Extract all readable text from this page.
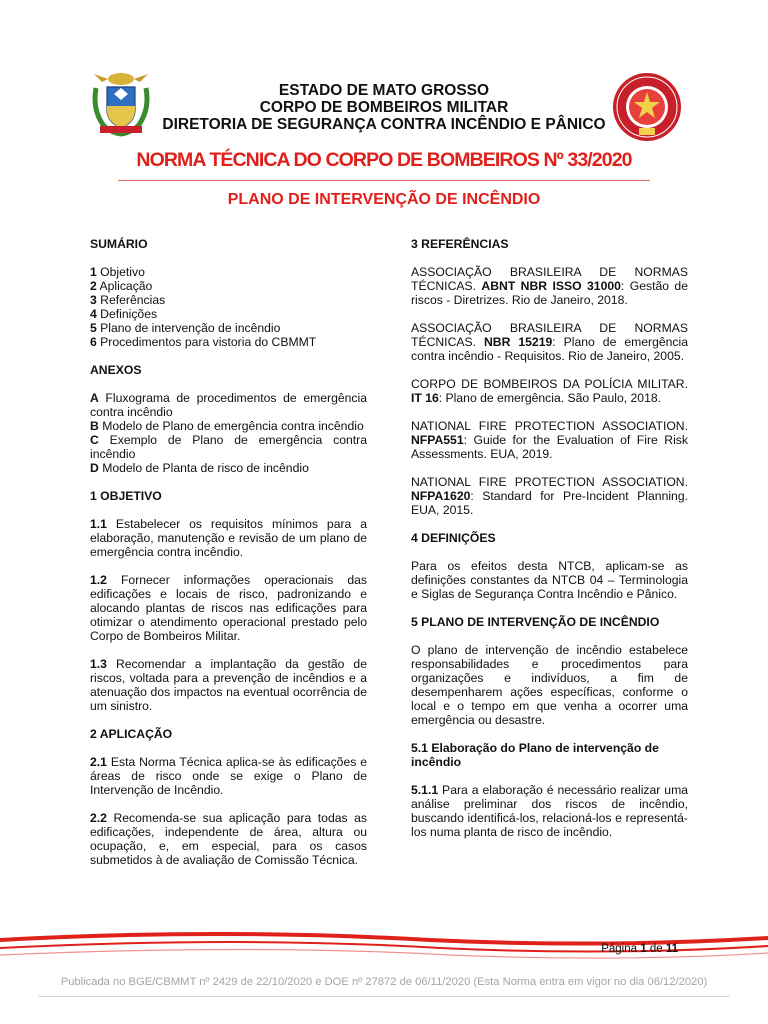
ESTADO DE MATO GROSSO
CORPO DE BOMBEIROS MILITAR
DIRETORIA DE SEGURANÇA CONTRA INCÊNDIO E PÂNICO
NORMA TÉCNICA DO CORPO DE BOMBEIROS Nº 33/2020
PLANO DE INTERVENÇÃO DE INCÊNDIO

SUMÁRIO

1 Objetivo

2 Aplicação

3 Referências

4 Definições

5 Plano de intervenção de incêndio

6 Procedimentos para vistoria do CBMMT

ANEXOS

A Fluxograma de procedimentos de emergência contra incêndio

B Modelo de Plano de emergência contra incêndio

C Exemplo de Plano de emergência contra incêndio

D Modelo de Planta de risco de incêndio

1 OBJETIVO

1.1 Estabelecer os requisitos mínimos para a elaboração, manutenção e revisão de um plano de emergência contra incêndio.

1.2 Fornecer informações operacionais das edificações e locais de risco, padronizando e alocando plantas de riscos nas edificações para otimizar o atendimento operacional prestado pelo Corpo de Bombeiros Militar.

1.3 Recomendar a implantação da gestão de riscos, voltada para a prevenção de incêndios e a atenuação dos impactos na eventual ocorrência de um sinistro.

2 APLICAÇÃO

2.1 Esta Norma Técnica aplica-se às edificações e áreas de risco onde se exige o Plano de Intervenção de Incêndio.

2.2 Recomenda-se sua aplicação para todas as edificações, independente de área, altura ou ocupação, e, em especial, para os casos submetidos à de avaliação de Comissão Técnica.

3 REFERÊNCIAS

ASSOCIAÇÃO BRASILEIRA DE NORMAS TÉCNICAS. ABNT NBR ISSO 31000: Gestão de riscos - Diretrizes. Rio de Janeiro, 2018.

ASSOCIAÇÃO BRASILEIRA DE NORMAS TÉCNICAS. NBR 15219: Plano de emergência contra incêndio - Requisitos. Rio de Janeiro, 2005.

CORPO DE BOMBEIROS DA POLÍCIA MILITAR. IT 16: Plano de emergência. São Paulo, 2018.

NATIONAL FIRE PROTECTION ASSOCIATION. NFPA551: Guide for the Evaluation of Fire Risk Assessments. EUA, 2019.

NATIONAL FIRE PROTECTION ASSOCIATION. NFPA1620: Standard for Pre-Incident Planning. EUA, 2015.

4 DEFINIÇÕES

Para os efeitos desta NTCB, aplicam-se as definições constantes da NTCB 04 – Terminologia e Siglas de Segurança Contra Incêndio e Pânico.

5 PLANO DE INTERVENÇÃO DE INCÊNDIO

O plano de intervenção de incêndio estabelece responsabilidades e procedimentos para organizações e indivíduos, a fim de desempenharem ações específicas, conforme o local e o tempo em que venha a ocorrer uma emergência ou desastre.

5.1 Elaboração do Plano de intervenção de incêndio

5.1.1 Para a elaboração é necessário realizar uma análise preliminar dos riscos de incêndio, buscando identificá-los, relacioná-los e representá-los numa planta de risco de incêndio.

Página 1 de 11
Publicada no BGE/CBMMT nº 2429 de 22/10/2020 e DOE nº 27872 de 06/11/2020 (Esta Norma entra em vigor no dia 06/12/2020)
